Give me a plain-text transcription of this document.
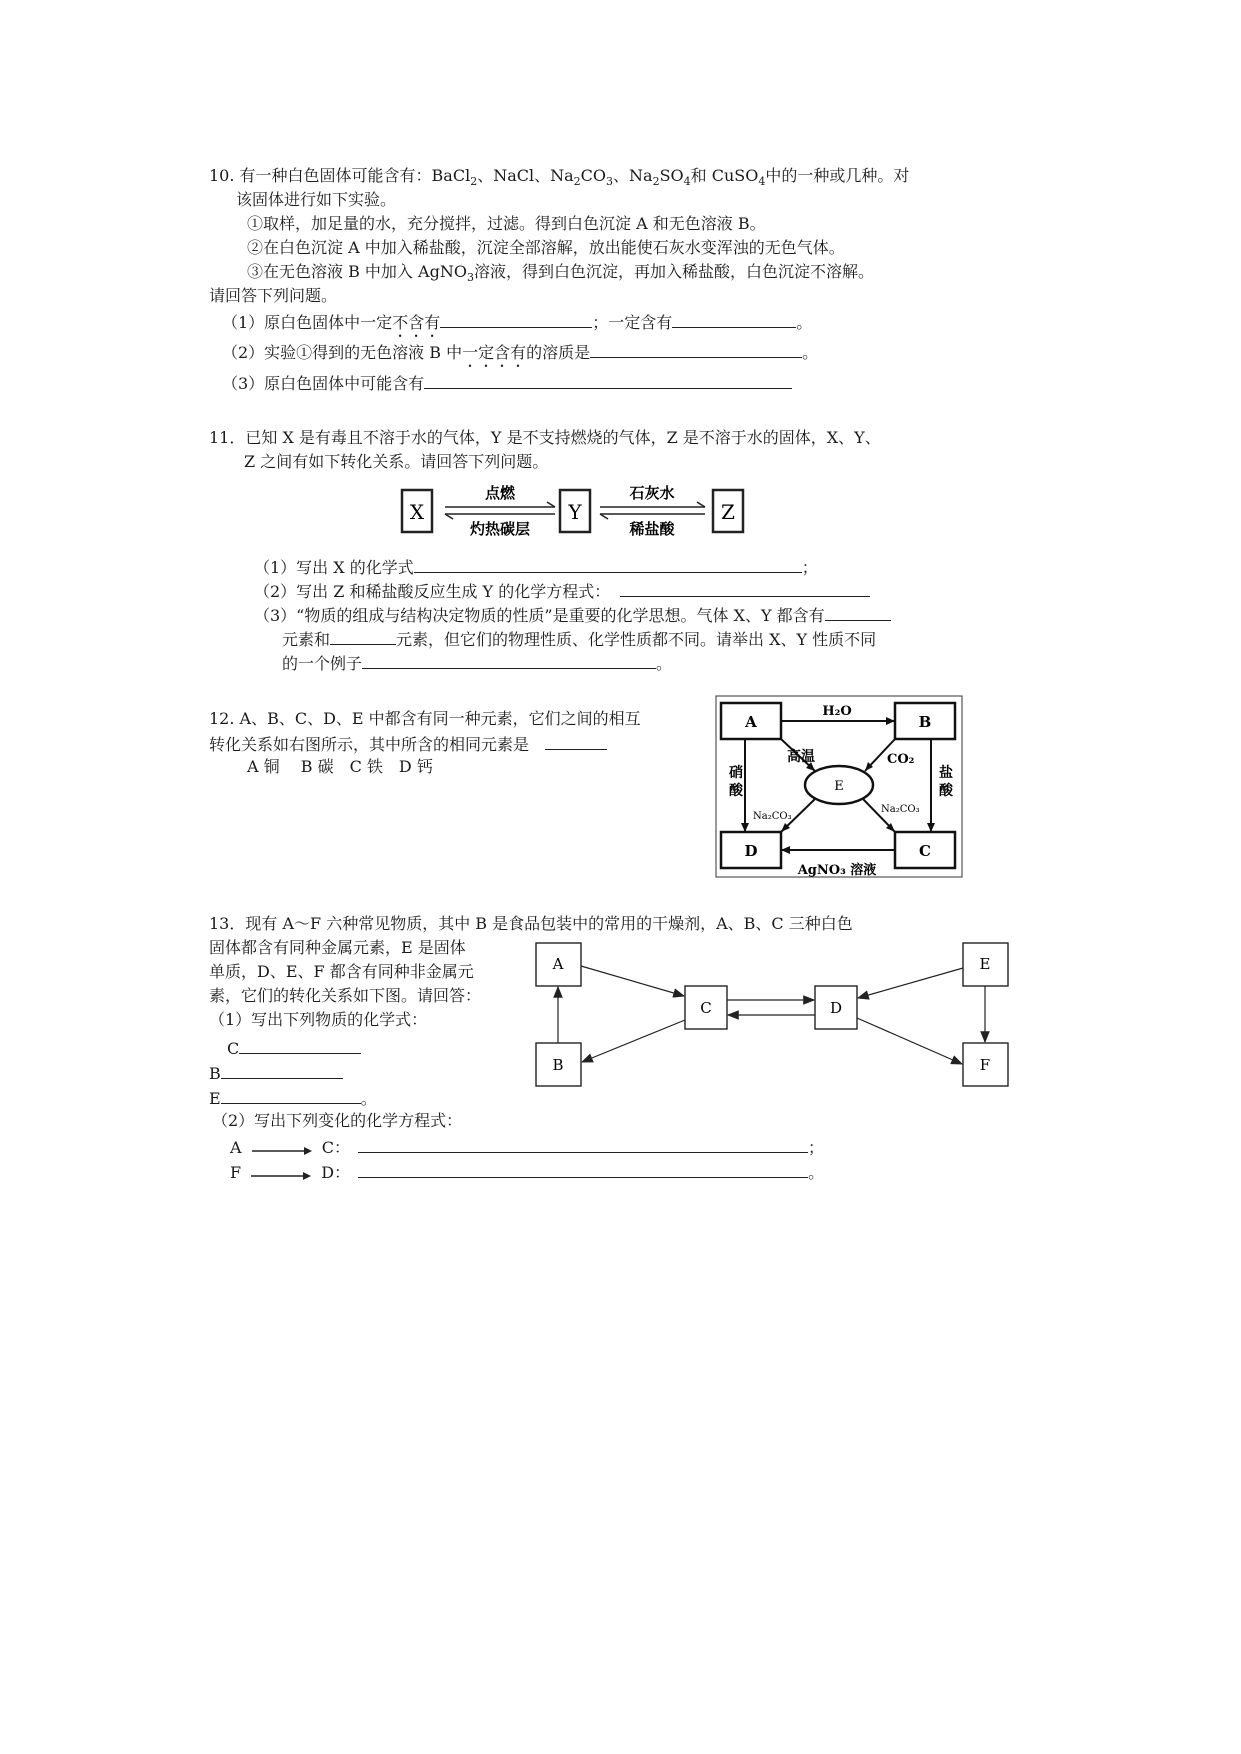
10. 有一种白色固体可能含有：BaCl$_2$、NaCl、$Na_2CO_3$、$Na_2SO_4$和 CuSO$_4$中的一种或几种。对
该固体进行如下实验。
①取样，加足量的水，充分搅拌，过滤。得到白色沉淀 A 和无色溶液 B。
②在白色沉淀 A 中加入稀盐酸，沉淀全部溶解，放出能使石灰水变浑浊的无色气体。
③在无色溶液 B 中加入 AgNO$_3$溶液，得到白色沉淀，再加入稀盐酸，白色沉淀不溶解。
请回答下列问题。
（1）原白色固体中一定不含有	；一定含有	。
（2）实验①得到的无色溶液 B 中一定含有的溶质是	。
（3）原白色固体中可能含有
11．已知 X 是有毒且不溶于水的气体，Y 是不支持燃烧的气体，Z 是不溶于水的固体，X、Y、
Z 之间有如下转化关系。请回答下列问题。
X
点燃
灼热碳层
Y
石灰水
稀盐酸
Z
（1）写出 X 的化学式	；
（2）写出 Z 和稀盐酸反应生成 Y 的化学方程式：
（3）“物质的组成与结构决定物质的性质”是重要的化学思想。气体 X、Y 都含有
元素和	元素，但它们的物理性质、化学性质都不同。请举出 X、Y 性质不同
的一个例子	。
12. A、B、C、D、E 中都含有同一种元素，它们之间的相互
转化关系如右图所示，其中所含的相同元素是
A 铜　 B 碳　C 铁　D 钙
A	B
D	C
E
H₂O
高温	CO₂
硝
酸
盐
酸
Na₂CO₃
Na₂CO₃
AgNO₃ 溶液
13．现有 A～F 六种常见物质，其中 B 是食品包装中的常用的干燥剂，A、B、C 三种白色
固体都含有同种金属元素，E 是固体
单质，D、E、F 都含有同种非金属元
素，它们的转化关系如下图。请回答：
（1）写出下列物质的化学式：
C
B
E	。
（2）写出下列变化的化学方程式：
A → C：	；
F → D：	。
A
B
C	D
E
F
